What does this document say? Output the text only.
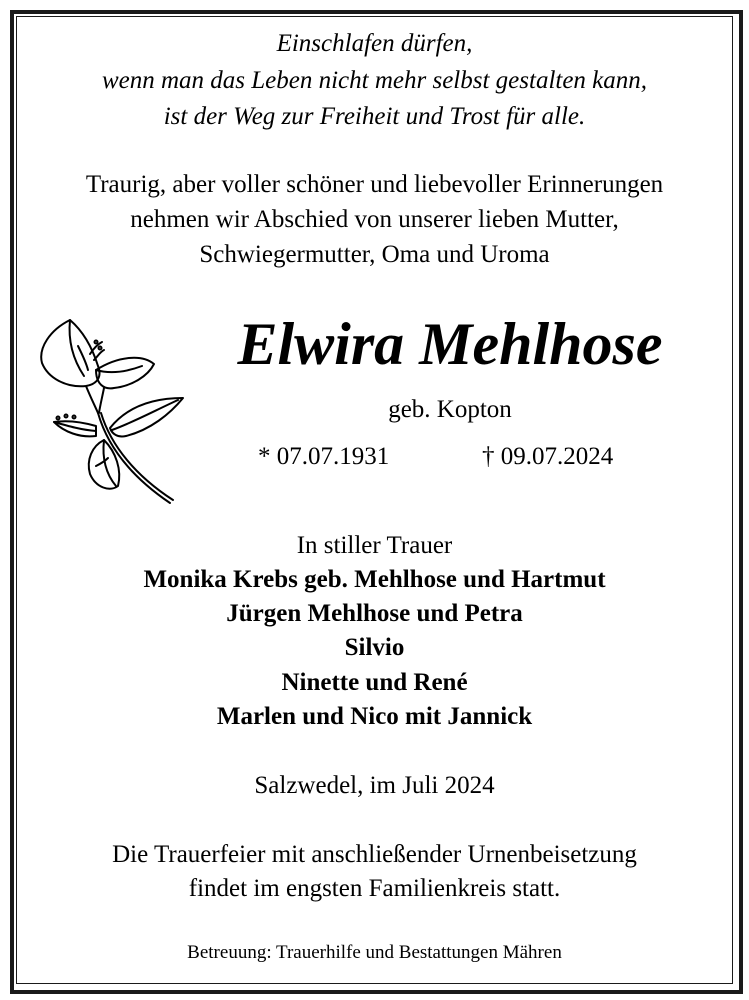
Einschlafen dürfen,
wenn man das Leben nicht mehr selbst gestalten kann,
ist der Weg zur Freiheit und Trost für alle.
Traurig, aber voller schöner und liebevoller Erinnerungen
nehmen wir Abschied von unserer lieben Mutter,
Schwiegermutter, Oma und Uroma
Elwira Mehlhose
geb. Kopton
* 07.07.1931	† 09.07.2024
In stiller Trauer
Monika Krebs geb. Mehlhose und Hartmut
Jürgen Mehlhose und Petra
Silvio
Ninette und René
Marlen und Nico mit Jannick
Salzwedel, im Juli 2024
Die Trauerfeier mit anschließender Urnenbeisetzung
findet im engsten Familienkreis statt.
Betreuung: Trauerhilfe und Bestattungen Mähren
